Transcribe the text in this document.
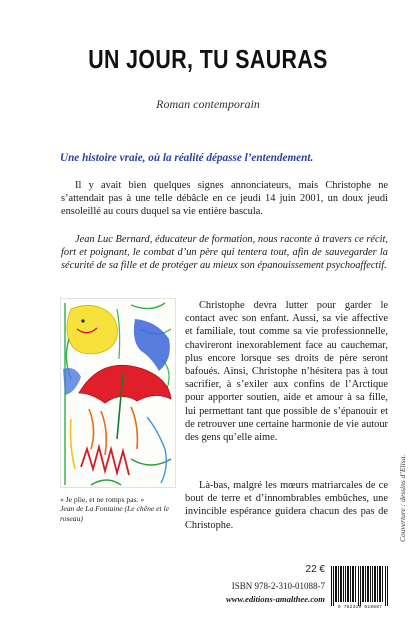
UN JOUR, TU SAURAS
Roman contemporain
Une histoire vraie, où la réalité dépasse l’entendement.

Il y avait bien quelques signes annonciateurs, mais Christophe ne s’attendait pas à une telle débâcle en ce jeudi 14 juin 2001, un doux jeudi ensoleillé au cours duquel sa vie entière bascula.

Jean Luc Bernard, éducateur de formation, nous raconte à travers ce récit, fort et poignant, le combat d’un père qui tentera tout, afin de sauvegarder la sécurité de sa fille et de protéger au mieux son épanouissement psychoaffectif.

Christophe devra lutter pour garder le contact avec son enfant. Aussi, sa vie affective et familiale, tout comme sa vie professionnelle, chavireront inexorablement face au cauchemar, plus encore lorsque ses droits de père seront bafoués. Ainsi, Christophe n’hésitera pas à tout sacrifier, à s’exiler aux confins de l’Arctique pour apporter soutien, aide et amour à sa fille, lui permettant tant que possible de s’épanouir et de retrouver une certaine harmonie de vie autour des gens qu’elle aime.

Là-bas, malgré les mœurs matriarcales de ce bout de terre et d’innombrables embûches, une invincible espérance guidera chacun des pas de Christophe.

« Je plie, et ne romps pas. »
Jean de La Fontaine (Le chêne et le roseau)	Couverture : dessins d’Elisa.
22 €
ISBN 978-2-310-01088-7
www.editions-amalthee.com
9 782310 010887
